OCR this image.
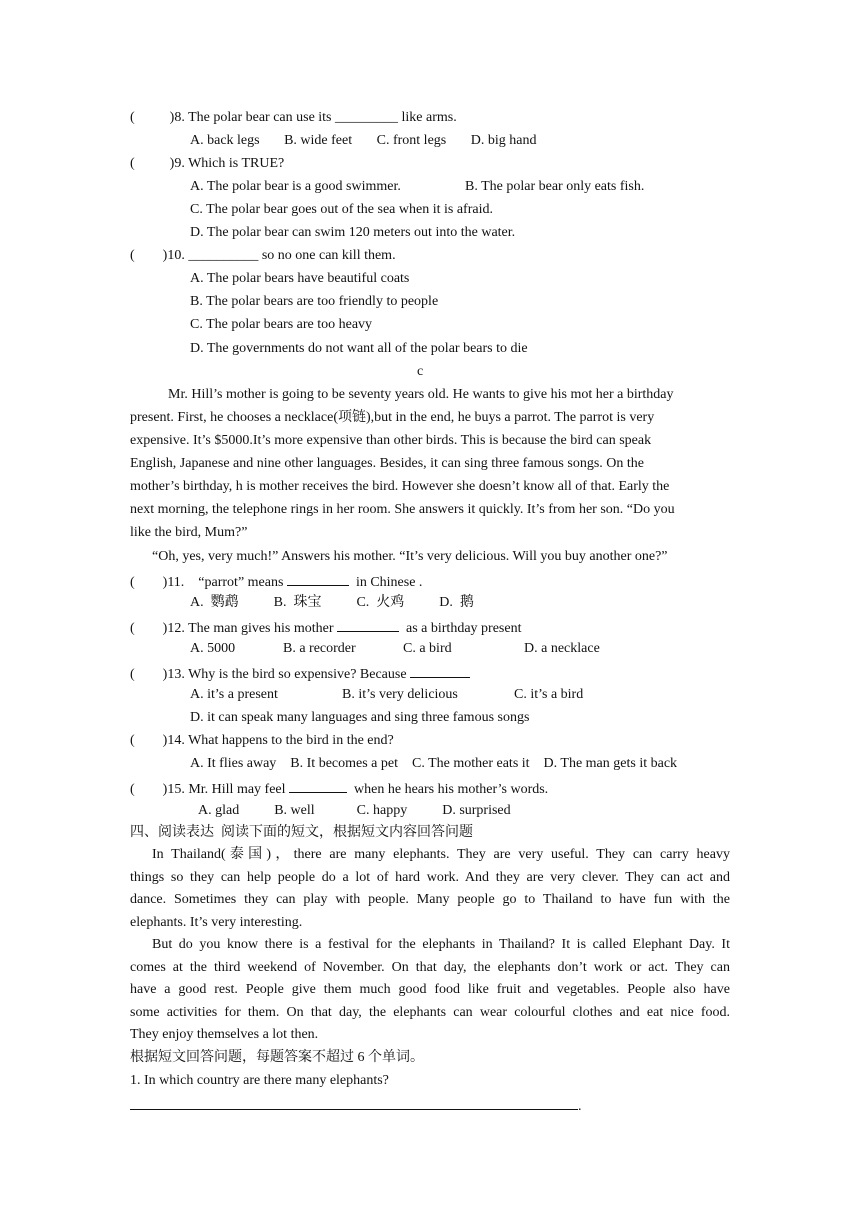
(          )8. The polar bear can use its _________ like arms.
A. back legs       B. wide feet       C. front legs       D. big hand
(          )9. Which is TRUE?
A. The polar bear is a good swimmer.	B. The polar bear only eats fish.
C. The polar bear goes out of the sea when it is afraid.
D. The polar bear can swim 120 meters out into the water.
(        )10. __________ so no one can kill them.
A. The polar bears have beautiful coats
B. The polar bears are too friendly to people
C. The polar bears are too heavy
D. The governments do not want all of the polar bears to die
c
Mr. Hill’s mother is going to be seventy years old. He wants to give his mot her a birthday
present. First, he chooses a necklace(项链),but in the end, he buys a parrot. The parrot is very
expensive. It’s $5000.It’s more expensive than other birds. This is because the bird can speak
English, Japanese and nine other languages. Besides, it can sing three famous songs. On the
mother’s birthday, h is mother receives the bird. However she doesn’t know all of that. Early the
next morning, the telephone rings in her room. She answers it quickly. It’s from her son. “Do you
like the bird, Mum?”
“Oh, yes, very much!” Answers his mother. “It’s very delicious. Will you buy another one?”
(        )11.    “parrot” means	in Chinese .
A.  鹦鹉          B.  珠宝          C.  火鸡          D.  鹅
(        )12. The man gives his mother	as a birthday present
A. 5000	B. a recorder	C. a bird	D. a necklace
(        )13. Why is the bird so expensive? Because
A. it’s a present	B. it’s very delicious	C. it’s a bird
D. it can speak many languages and sing three famous songs
(        )14. What happens to the bird in the end?
A. It flies away    B. It becomes a pet    C. The mother eats it    D. The man gets it back
(        )15. Mr. Hill may feel	when he hears his mother’s words.
A. glad          B. well            C. happy          D. surprised
四、阅读表达  阅读下面的短文，根据短文内容回答问题
In Thailand(泰国)，there are many elephants. They are very useful. They can carry heavy
things so they can help people do a lot of hard work. And they are very clever. They can act and
dance. Sometimes they can play with people. Many people go to Thailand to have fun with the
elephants. It’s very interesting.
But do you know there is a festival for the elephants in Thailand? It is called Elephant Day. It
comes at the third weekend of November. On that day, the elephants don’t work or act. They can
have a good rest. People give them much good food like fruit and vegetables. People also have
some activities for them. On that day, the elephants can wear colourful clothes and eat nice food.
They enjoy themselves a lot then.
根据短文回答问题，每题答案不超过 6 个单词。
1. In which country are there many elephants?
.
